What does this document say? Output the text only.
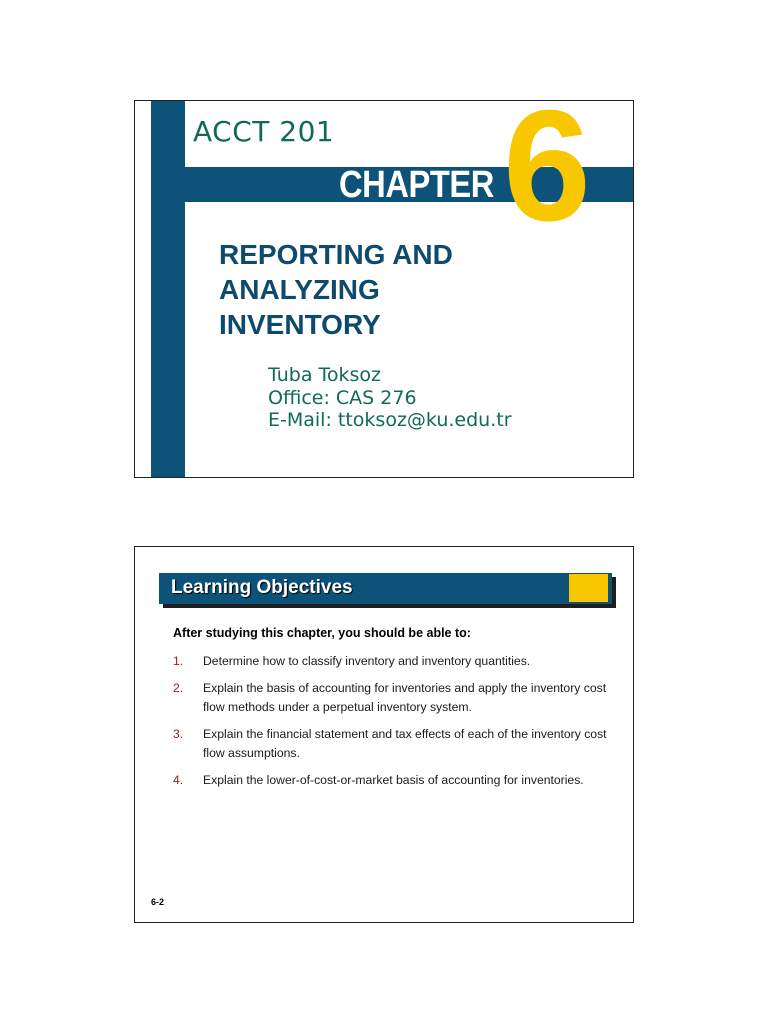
ACCT 201
CHAPTER 6
REPORTING AND
ANALYZING
INVENTORY
Tuba Toksoz
Office: CAS 276
E-Mail: ttoksoz@ku.edu.tr
Learning Objectives
After studying this chapter, you should be able to:
1. Determine how to classify inventory and inventory quantities.
2. Explain the basis of accounting for inventories and apply the inventory cost flow methods under a perpetual inventory system.
3. Explain the financial statement and tax effects of each of the inventory cost flow assumptions.
4. Explain the lower-of-cost-or-market basis of accounting for inventories.
6-2
